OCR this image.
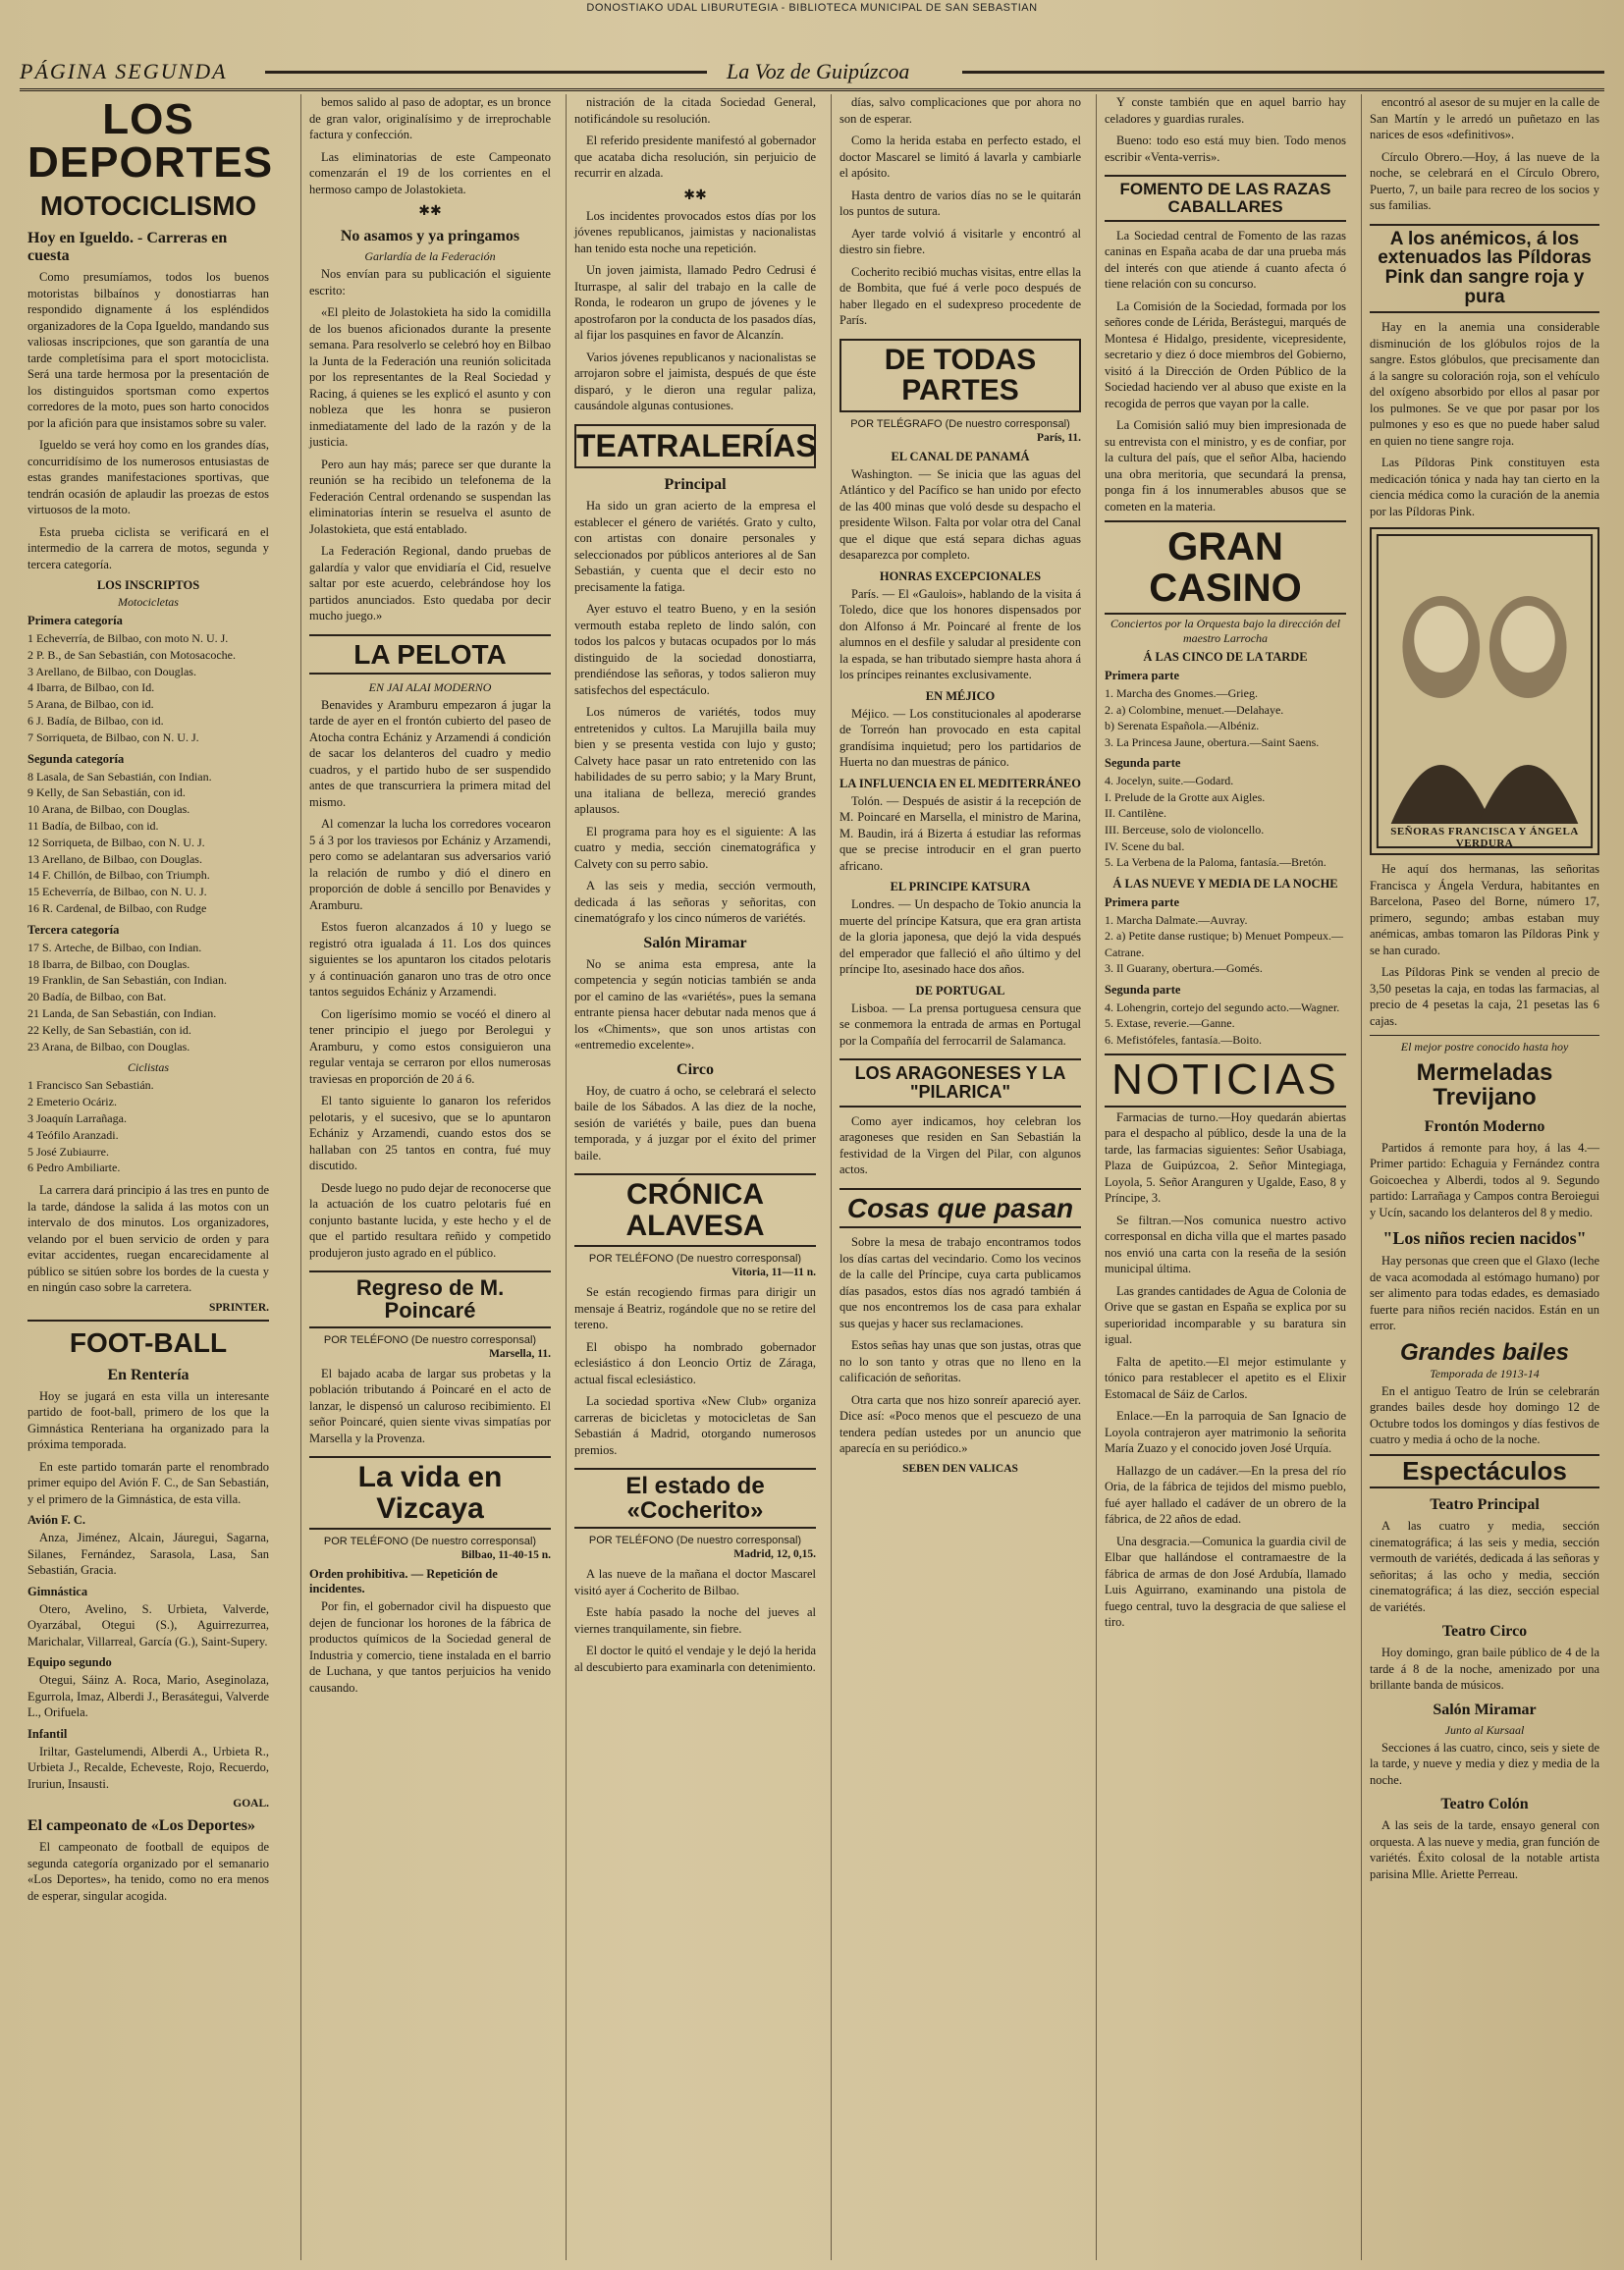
DONOSTIAKO UDAL LIBURUTEGIA - BIBLIOTECA MUNICIPAL DE SAN SEBASTIAN
PÁGINA SEGUNDA	La Voz de Guipúzcoa
LOS DEPORTES
MOTOCICLISMO
Hoy en Igueldo. - Carreras en cuesta

Como presumíamos, todos los buenos motoristas bilbaínos y donostiarras han respondido dignamente á los espléndidos organizadores de la Copa Igueldo, mandando sus valiosas inscripciones, que son garantía de una tarde completísima para el sport motociclista. Será una tarde hermosa por la presentación de los distinguidos sportsman como expertos corredores de la moto, pues son harto conocidos por la afición para que insistamos sobre su valer.

Igueldo se verá hoy como en los grandes días, concurridísimo de los numerosos entusiastas de estas grandes manifestaciones sportivas, que tendrán ocasión de aplaudir las proezas de estos virtuosos de la moto.

Esta prueba ciclista se verificará en el intermedio de la carrera de motos, segunda y tercera categoría.

LOS INSCRIPTOS
Motocicletas
Primera categoría
1 Echeverría, de Bilbao, con moto N. U. J.
2 P. B., de San Sebastián, con Motosacoche.
3 Arellano, de Bilbao, con Douglas.
4 Ibarra, de Bilbao, con Id.
5 Arana, de Bilbao, con id.
6 J. Badía, de Bilbao, con id.
7 Sorriqueta, de Bilbao, con N. U. J.
Segunda categoría
8 Lasala, de San Sebastián, con Indian.
9 Kelly, de San Sebastián, con id.
10 Arana, de Bilbao, con Douglas.
11 Badía, de Bilbao, con id.
12 Sorriqueta, de Bilbao, con N. U. J.
13 Arellano, de Bilbao, con Douglas.
14 F. Chillón, de Bilbao, con Triumph.
15 Echeverría, de Bilbao, con N. U. J.
16 R. Cardenal, de Bilbao, con Rudge
Tercera categoría
17 S. Arteche, de Bilbao, con Indian.
18 Ibarra, de Bilbao, con Douglas.
19 Franklin, de San Sebastián, con Indian.
20 Badía, de Bilbao, con Bat.
21 Landa, de San Sebastián, con Indian.
22 Kelly, de San Sebastián, con id.
23 Arana, de Bilbao, con Douglas.
Ciclistas
1 Francisco San Sebastián.
2 Emeterio Ocáriz.
3 Joaquín Larrañaga.
4 Teófilo Aranzadi.
5 José Zubiaurre.
6 Pedro Ambiliarte.

La carrera dará principio á las tres en punto de la tarde, dándose la salida á las motos con un intervalo de dos minutos. Los organizadores, velando por el buen servicio de orden y para evitar accidentes, ruegan encarecidamente al público se sitúen sobre los bordes de la cuesta y en ningún caso sobre la carretera.

SPRINTER.
FOOT-BALL
En Rentería

Hoy se jugará en esta villa un interesante partido de foot-ball, primero de los que la Gimnástica Renteriana ha organizado para la próxima temporada.

En este partido tomarán parte el renombrado primer equipo del Avión F. C., de San Sebastián, y el primero de la Gimnástica, de esta villa.

Avión F. C.

Anza, Jiménez, Alcain, Jáuregui, Sagarna, Silanes, Fernández, Sarasola, Lasa, San Sebastián, Gracia.

Gimnástica

Otero, Avelino, S. Urbieta, Valverde, Oyarzábal, Otegui (S.), Aguirrezurrea, Marichalar, Villarreal, García (G.), Saint-Supery.

Equipo segundo

Otegui, Sáinz A. Roca, Mario, Aseginolaza, Egurrola, Imaz, Alberdi J., Berasátegui, Valverde L., Orifuela.

Infantil

Iriltar, Gastelumendi, Alberdi A., Urbieta R., Urbieta J., Recalde, Echeveste, Rojo, Recuerdo, Iruriun, Insausti.

GOAL.
El campeonato de «Los Deportes»

El campeonato de football de equipos de segunda categoría organizado por el semanario «Los Deportes», ha tenido, como no era menos de esperar, singular acogida.

bemos salido al paso de adoptar, es un bronce de gran valor, originalísimo y de irreprochable factura y confección.

Las eliminatorias de este Campeonato comenzarán el 19 de los corrientes en el hermoso campo de Jolastokieta.

✱✱
No asamos y ya pringamos
Garlardía de la Federación

Nos envían para su publicación el siguiente escrito:

«El pleito de Jolastokieta ha sido la comidilla de los buenos aficionados durante la presente semana. Para resolverlo se celebró hoy en Bilbao la Junta de la Federación una reunión solicitada por los representantes de la Real Sociedad y Racing, á quienes se les explicó el asunto y con nobleza que les honra se pusieron inmediatamente del lado de la razón y de la justicia.

Pero aun hay más; parece ser que durante la reunión se ha recibido un telefonema de la Federación Central ordenando se suspendan las eliminatorias ínterin se resuelva el asunto de Jolastokieta, que está entablado.

La Federación Regional, dando pruebas de galardía y valor que envidiaría el Cid, resuelve saltar por este acuerdo, celebrándose hoy los partidos anunciados. Esto quedaba por decir mucho juego.»

LA PELOTA
EN JAI ALAI MODERNO

Benavides y Aramburu empezaron á jugar la tarde de ayer en el frontón cubierto del paseo de Atocha contra Echániz y Arzamendi á condición de sacar los delanteros del cuadro y medio cuadros, y el partido hubo de ser suspendido antes de que transcurriera la primera mitad del mismo.

Al comenzar la lucha los corredores vocearon 5 á 3 por los traviesos por Echániz y Arzamendi, pero como se adelantaran sus adversarios varió la relación de rumbo y dió el dinero en proporción de doble á sencillo por Benavides y Aramburu.

Estos fueron alcanzados á 10 y luego se registró otra igualada á 11. Los dos quinces siguientes se los apuntaron los citados pelotaris y á continuación ganaron uno tras de otro once tantos seguidos Echániz y Arzamendi.

Con ligerísimo momio se vocéó el dinero al tener principio el juego por Berolegui y Aramburu, y como estos consiguieron una regular ventaja se cerraron por ellos numerosas traviesas en proporción de 20 á 6.

El tanto siguiente lo ganaron los referidos pelotaris, y el sucesivo, que se lo apuntaron Echániz y Arzamendi, cuando estos dos se hallaban con 25 tantos en contra, fué muy discutido.

Desde luego no pudo dejar de reconocerse que la actuación de los cuatro pelotaris fué en conjunto bastante lucida, y este hecho y el de que el partido resultara reñido y competido produjeron justo agrado en el público.

Regreso de M. Poincaré
POR TELÉFONO (De nuestro corresponsal)
Marsella, 11.

El bajado acaba de largar sus probetas y la población tributando á Poincaré en el acto de lanzar, le dispensó un caluroso recibimiento. El señor Poincaré, quien siente vivas simpatías por Marsella y la Provenza.

La vida en Vizcaya
POR TELÉFONO (De nuestro corresponsal)
Bilbao, 11-40-15 n.
Orden prohibitiva. — Repetición de incidentes.

Por fin, el gobernador civil ha dispuesto que dejen de funcionar los horones de la fábrica de productos químicos de la Sociedad general de Industria y comercio, tiene instalada en el barrio de Luchana, y que tantos perjuicios ha venido causando.

nistración de la citada Sociedad General, notificándole su resolución.

El referido presidente manifestó al gobernador que acataba dicha resolución, sin perjuicio de recurrir en alzada.

✱✱

Los incidentes provocados estos días por los jóvenes republicanos, jaimistas y nacionalistas han tenido esta noche una repetición.

Un joven jaimista, llamado Pedro Cedrusi é Iturraspe, al salir del trabajo en la calle de Ronda, le rodearon un grupo de jóvenes y le apostrofaron por la conducta de los pasados días, al fijar los pasquines en favor de Alcanzín.

Varios jóvenes republicanos y nacionalistas se arrojaron sobre el jaimista, después de que éste disparó, y le dieron una regular paliza, causándole algunas contusiones.

TEATRALERÍAS
Principal

Ha sido un gran acierto de la empresa el establecer el género de variétés. Grato y culto, con artistas con donaire personales y seleccionados por públicos anteriores al de San Sebastián, y cuenta que el decir esto no precisamente la fatiga.

Ayer estuvo el teatro Bueno, y en la sesión vermouth estaba repleto de lindo salón, con todos los palcos y butacas ocupados por lo más distinguido de la sociedad donostiarra, prendiéndose las señoras, y todos salieron muy satisfechos del espectáculo.

Los números de variétés, todos muy entretenidos y cultos. La Marujilla baila muy bien y se presenta vestida con lujo y gusto; Calvety hace pasar un rato entretenido con las habilidades de su perro sabio; y la Mary Brunt, una italiana de belleza, mereció grandes aplausos.

El programa para hoy es el siguiente: A las cuatro y media, sección cinematográfica y Calvety con su perro sabio.

A las seis y media, sección vermouth, dedicada á las señoras y señoritas, con cinematógrafo y los cinco números de variétés.

Salón Miramar

No se anima esta empresa, ante la competencia y según noticias también se anda por el camino de las «variétés», pues la semana entrante piensa hacer debutar nada menos que á los «Chiments», que son unos artistas con «entremedio excelente».

Circo

Hoy, de cuatro á ocho, se celebrará el selecto baile de los Sábados. A las diez de la noche, sesión de variétés y baile, pues dan buena temporada, y á juzgar por el éxito del primer baile.

CRÓNICA ALAVESA
POR TELÉFONO (De nuestro corresponsal)
Vitoria, 11—11 n.

Se están recogiendo firmas para dirigir un mensaje á Beatriz, rogándole que no se retire del tereno.

El obispo ha nombrado gobernador eclesiástico á don Leoncio Ortiz de Záraga, actual fiscal eclesiástico.

La sociedad sportiva «New Club» organiza carreras de bicicletas y motocicletas de San Sebastián á Madrid, otorgando numerosos premios.

El estado de «Cocherito»
POR TELÉFONO (De nuestro corresponsal)
Madrid, 12, 0,15.

A las nueve de la mañana el doctor Mascarel visitó ayer á Cocherito de Bilbao.

Este había pasado la noche del jueves al viernes tranquilamente, sin fiebre.

El doctor le quitó el vendaje y le dejó la herida al descubierto para examinarla con detenimiento.

días, salvo complicaciones que por ahora no son de esperar.

Como la herida estaba en perfecto estado, el doctor Mascarel se limitó á lavarla y cambiarle el apósito.

Hasta dentro de varios días no se le quitarán los puntos de sutura.

Ayer tarde volvió á visitarle y encontró al diestro sin fiebre.

Cocherito recibió muchas visitas, entre ellas la de Bombita, que fué á verle poco después de haber llegado en el sudexpreso procedente de París.

DE TODAS PARTES
POR TELÉGRAFO (De nuestro corresponsal)
París, 11.
EL CANAL DE PANAMÁ

Washington. — Se inicia que las aguas del Atlántico y del Pacífico se han unido por efecto de las 400 minas que voló desde su despacho el presidente Wilson. Falta por volar otra del Canal que el dique que está separa dichas aguas desaparezca por completo.

HONRAS EXCEPCIONALES

París. — El «Gaulois», hablando de la visita á Toledo, dice que los honores dispensados por don Alfonso á Mr. Poincaré al frente de los alumnos en el desfile y saludar al presidente con la espada, se han tributado siempre hasta ahora á los príncipes reinantes exclusivamente.

EN MÉJICO

Méjico. — Los constitucionales al apoderarse de Torreón han provocado en esta capital grandísima inquietud; pero los partidarios de Huerta no dan muestras de pánico.

LA INFLUENCIA EN EL MEDITERRÁNEO

Tolón. — Después de asistir á la recepción de M. Poincaré en Marsella, el ministro de Marina, M. Baudin, irá á Bizerta á estudiar las reformas que se precise introducir en el gran puerto africano.

EL PRINCIPE KATSURA

Londres. — Un despacho de Tokio anuncia la muerte del príncipe Katsura, que era gran artista de la gloria japonesa, que dejó la vida después del emperador que falleció el año último y del príncipe Ito, asesinado hace dos años.

DE PORTUGAL

Lisboa. — La prensa portuguesa censura que se conmemora la entrada de armas en Portugal por la Compañía del ferrocarril de Salamanca.

LOS ARAGONESES Y LA "PILARICA"

Como ayer indicamos, hoy celebran los aragoneses que residen en San Sebastián la festividad de la Virgen del Pilar, con algunos actos.

Cosas que pasan

Sobre la mesa de trabajo encontramos todos los días cartas del vecindario. Como los vecinos de la calle del Príncipe, cuya carta publicamos días pasados, estos días nos agradó también á que nos encontremos los de casa para exhalar sus quejas y hacer sus reclamaciones.

Estos señas hay unas que son justas, otras que no lo son tanto y otras que no lleno en la calificación de señoritas.

Otra carta que nos hizo sonreír apareció ayer. Dice así: «Poco menos que el pescuezo de una tendera pedían ustedes por un anuncio que aparecía en su periódico.»

SEBEN DEN VALICAS

Y conste también que en aquel barrio hay celadores y guardias rurales.

Bueno: todo eso está muy bien. Todo menos escribir «Venta-verris».

FOMENTO DE LAS RAZAS CABALLARES

La Sociedad central de Fomento de las razas caninas en España acaba de dar una prueba más del interés con que atiende á cuanto afecta ó tiene relación con su concurso.

La Comisión de la Sociedad, formada por los señores conde de Lérida, Berástegui, marqués de Montesa é Hidalgo, presidente, vicepresidente, secretario y diez ó doce miembros del Gobierno, visitó á la Dirección de Orden Público de la Sociedad haciendo ver al abuso que existe en la recogida de perros que vayan por la calle.

La Comisión salió muy bien impresionada de su entrevista con el ministro, y es de confiar, por la cultura del país, que el señor Alba, haciendo una obra meritoria, que secundará la prensa, ponga fin á los innumerables abusos que se cometen en la materia.

GRAN CASINO
Conciertos por la Orquesta bajo la dirección del maestro Larrocha
Á LAS CINCO DE LA TARDE
Primera parte
1. Marcha des Gnomes.—Grieg.
2. a) Colombine, menuet.—Delahaye.
b) Serenata Española.—Albéniz.
3. La Princesa Jaune, obertura.—Saint Saens.
Segunda parte
4. Jocelyn, suite.—Godard.
I. Prelude de la Grotte aux Aigles.
II. Cantilène.
III. Berceuse, solo de violoncello.
IV. Scene du bal.
5. La Verbena de la Paloma, fantasía.—Bretón.
Á LAS NUEVE Y MEDIA DE LA NOCHE
Primera parte
1. Marcha Dalmate.—Auvray.
2. a) Petite danse rustique; b) Menuet Pompeux.—Catrane.
3. Il Guarany, obertura.—Gomés.
Segunda parte
4. Lohengrin, cortejo del segundo acto.—Wagner.
5. Extase, reverie.—Ganne.
6. Mefistófeles, fantasía.—Boito.
NOTICIAS

Farmacias de turno.—Hoy quedarán abiertas para el despacho al público, desde la una de la tarde, las farmacias siguientes: Señor Usabiaga, Plaza de Guipúzcoa, 2. Señor Mintegiaga, Loyola, 5. Señor Aranguren y Ugalde, Easo, 8 y Príncipe, 3.

Se filtran.—Nos comunica nuestro activo corresponsal en dicha villa que el martes pasado nos envió una carta con la reseña de la sesión municipal última.

Las grandes cantidades de Agua de Colonia de Orive que se gastan en España se explica por su superioridad incomparable y su baratura sin igual.

Falta de apetito.—El mejor estimulante y tónico para restablecer el apetito es el Elixir Estomacal de Sáiz de Carlos.

Enlace.—En la parroquia de San Ignacio de Loyola contrajeron ayer matrimonio la señorita María Zuazo y el conocido joven José Urquía.

Hallazgo de un cadáver.—En la presa del río Oria, de la fábrica de tejidos del mismo pueblo, fué ayer hallado el cadáver de un obrero de la fábrica, de 22 años de edad.

Una desgracia.—Comunica la guardia civil de Elbar que hallándose el contramaestre de la fábrica de armas de don José Ardubía, llamado Luis Aguirrano, examinando una pistola de fuego central, tuvo la desgracia de que saliese el tiro.

encontró al asesor de su mujer en la calle de San Martín y le arredó un puñetazo en las narices de esos «definitivos».

Círculo Obrero.—Hoy, á las nueve de la noche, se celebrará en el Círculo Obrero, Puerto, 7, un baile para recreo de los socios y sus familias.

A los anémicos, á los extenuados las Píldoras Pink dan sangre roja y pura

Hay en la anemia una considerable disminución de los glóbulos rojos de la sangre. Estos glóbulos, que precisamente dan á la sangre su coloración roja, son el vehículo del oxígeno absorbido por ellos al pasar por los pulmones. Se ve que por pasar por los pulmones y eso es que no puede haber salud en quien no tiene sangre roja.

Las Píldoras Pink constituyen esta medicación tónica y nada hay tan cierto en la ciencia médica como la curación de la anemia por las Píldoras Pink.

SEÑORAS FRANCISCA Y ÁNGELA VERDURA

He aquí dos hermanas, las señoritas Francisca y Ángela Verdura, habitantes en Barcelona, Paseo del Borne, número 17, primero, segundo; ambas estaban muy anémicas, ambas tomaron las Píldoras Pink y se han curado.

Las Píldoras Pink se venden al precio de 3,50 pesetas la caja, en todas las farmacias, al precio de 4 pesetas la caja, 21 pesetas las 6 cajas.

El mejor postre conocido hasta hoy
Mermeladas Trevijano
Frontón Moderno

Partidos á remonte para hoy, á las 4.—Primer partido: Echaguia y Fernández contra Goicoechea y Alberdi, todos al 9. Segundo partido: Larrañaga y Campos contra Beroiegui y Ucín, sacando los delanteros del 8 y medio.

"Los niños recien nacidos"

Hay personas que creen que el Glaxo (leche de vaca acomodada al estómago humano) por ser alimento para todas edades, es demasiado fuerte para niños recién nacidos. Están en un error.

Grandes bailes
Temporada de 1913-14

En el antiguo Teatro de Irún se celebrarán grandes bailes desde hoy domingo 12 de Octubre todos los domingos y días festivos de cuatro y media á ocho de la noche.

Espectáculos
Teatro Principal

A las cuatro y media, sección cinematográfica; á las seis y media, sección vermouth de variétés, dedicada á las señoras y señoritas; á las ocho y media, sección cinematográfica; á las diez, sección especial de variétés.

Teatro Circo

Hoy domingo, gran baile público de 4 de la tarde á 8 de la noche, amenizado por una brillante banda de músicos.

Salón Miramar
Junto al Kursaal

Secciones á las cuatro, cinco, seis y siete de la tarde, y nueve y media y diez y media de la noche.

Teatro Colón

A las seis de la tarde, ensayo general con orquesta. A las nueve y media, gran función de variétés. Éxito colosal de la notable artista parisina Mlle. Ariette Perreau.
